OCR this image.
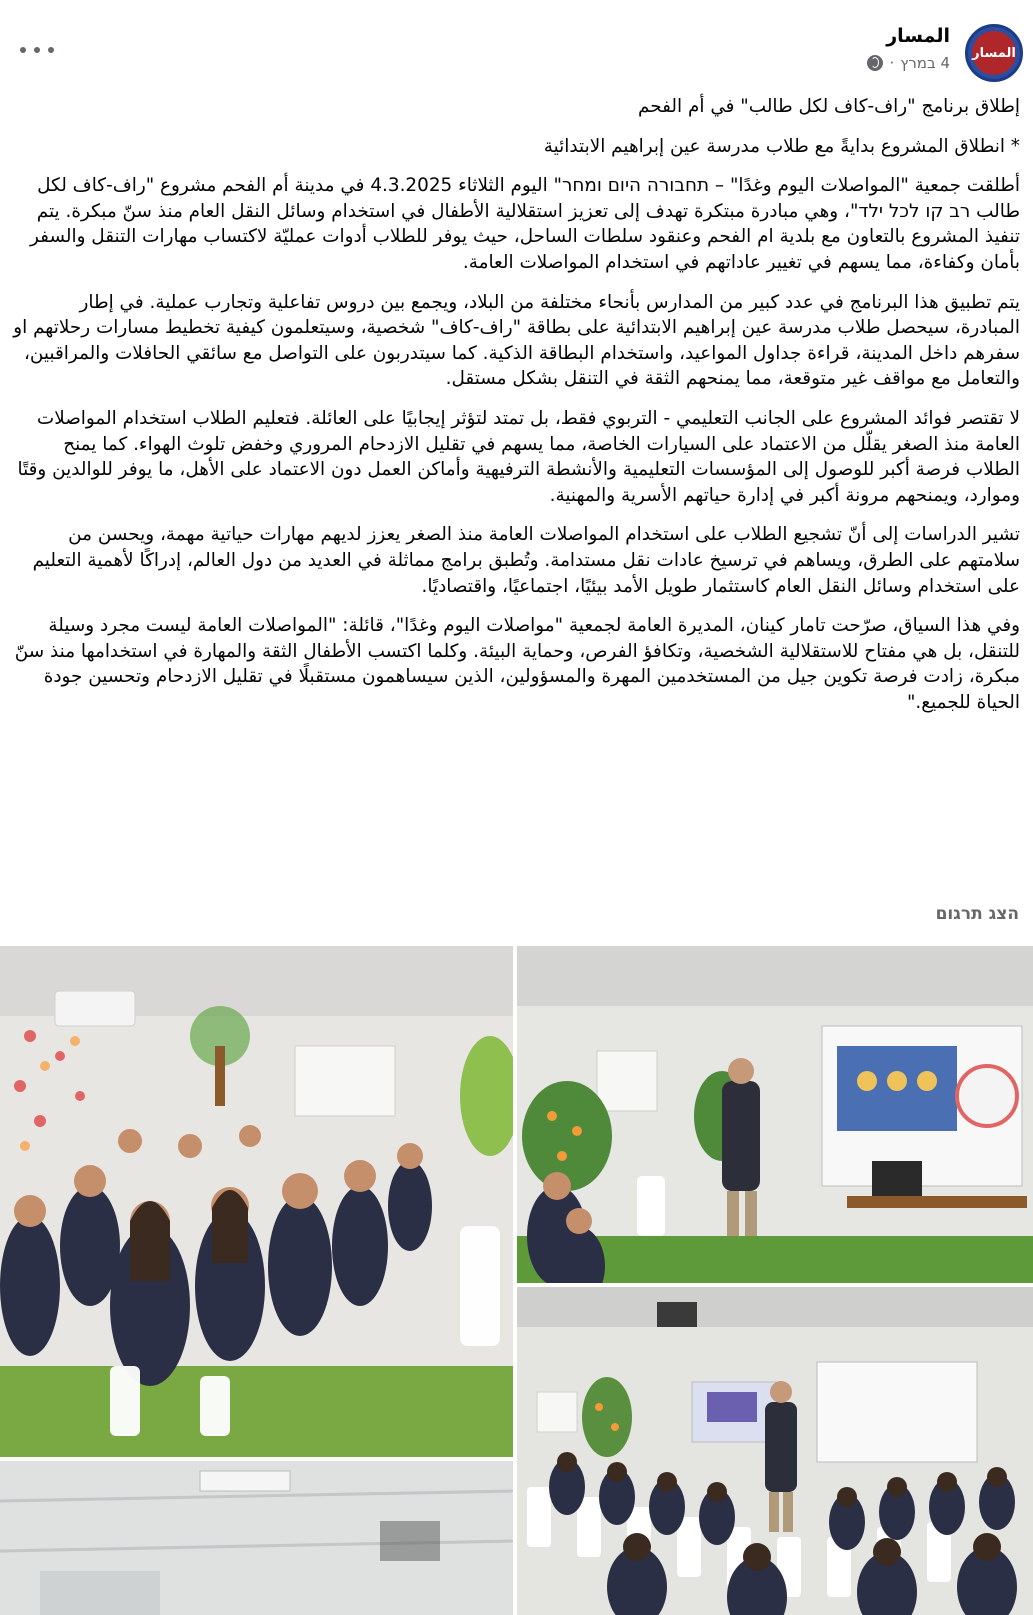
المسار
المسار
4 במרץ
·

إطلاق برنامج "راف-كاف لكل طالب" في أم الفحم

* انطلاق المشروع بدايةً مع طلاب مدرسة عين إبراهيم الابتدائية

أطلقت جمعية "المواصلات اليوم وغدًا" – תחבורה היום ומחר" اليوم الثلاثاء 4.3.2025 في مدينة أم الفحم مشروع "راف-كاف لكل طالب רב קו לכל ילד"، وهي مبادرة مبتكرة تهدف إلى تعزيز استقلالية الأطفال في استخدام وسائل النقل العام منذ سنّ مبكرة. يتم تنفيذ المشروع بالتعاون مع بلدية ام الفحم وعنقود سلطات الساحل، حيث يوفر للطلاب أدوات عمليّة لاكتساب مهارات التنقل والسفر بأمان وكفاءة، مما يسهم في تغيير عاداتهم في استخدام المواصلات العامة.

يتم تطبيق هذا البرنامج في عدد كبير من المدارس بأنحاء مختلفة من البلاد، ويجمع بين دروس تفاعلية وتجارب عملية. في إطار المبادرة، سيحصل طلاب مدرسة عين إبراهيم الابتدائية على بطاقة "راف-كاف" شخصية، وسيتعلمون كيفية تخطيط مسارات رحلاتهم او سفرهم داخل المدينة، قراءة جداول المواعيد، واستخدام البطاقة الذكية. كما سيتدربون على التواصل مع سائقي الحافلات والمراقبين، والتعامل مع مواقف غير متوقعة، مما يمنحهم الثقة في التنقل بشكل مستقل.

لا تقتصر فوائد المشروع على الجانب التعليمي - التربوي فقط، بل تمتد لتؤثر إيجابيًا على العائلة. فتعليم الطلاب استخدام المواصلات العامة منذ الصغر يقلّل من الاعتماد على السيارات الخاصة، مما يسهم في تقليل الازدحام المروري وخفض تلوث الهواء. كما يمنح الطلاب فرصة أكبر للوصول إلى المؤسسات التعليمية والأنشطة الترفيهية وأماكن العمل دون الاعتماد على الأهل، ما يوفر للوالدين وقتًا وموارد، ويمنحهم مرونة أكبر في إدارة حياتهم الأسرية والمهنية.

تشير الدراسات إلى أنّ تشجيع الطلاب على استخدام المواصلات العامة منذ الصغر يعزز لديهم مهارات حياتية مهمة، ويحسن من سلامتهم على الطرق، ويساهم في ترسيخ عادات نقل مستدامة. وتُطبق برامج مماثلة في العديد من دول العالم، إدراكًا لأهمية التعليم على استخدام وسائل النقل العام كاستثمار طويل الأمد بيئيًا، اجتماعيًا، واقتصاديًا.

وفي هذا السياق، صرّحت تامار كينان، المديرة العامة لجمعية "مواصلات اليوم وغدًا"، قائلة: "المواصلات العامة ليست مجرد وسيلة للتنقل، بل هي مفتاح للاستقلالية الشخصية، وتكافؤ الفرص، وحماية البيئة. وكلما اكتسب الأطفال الثقة والمهارة في استخدامها منذ سنّ مبكرة، زادت فرصة تكوين جيل من المستخدمين المهرة والمسؤولين، الذين سيساهمون مستقبلًا في تقليل الازدحام وتحسين جودة الحياة للجميع."

הצג תרגום
